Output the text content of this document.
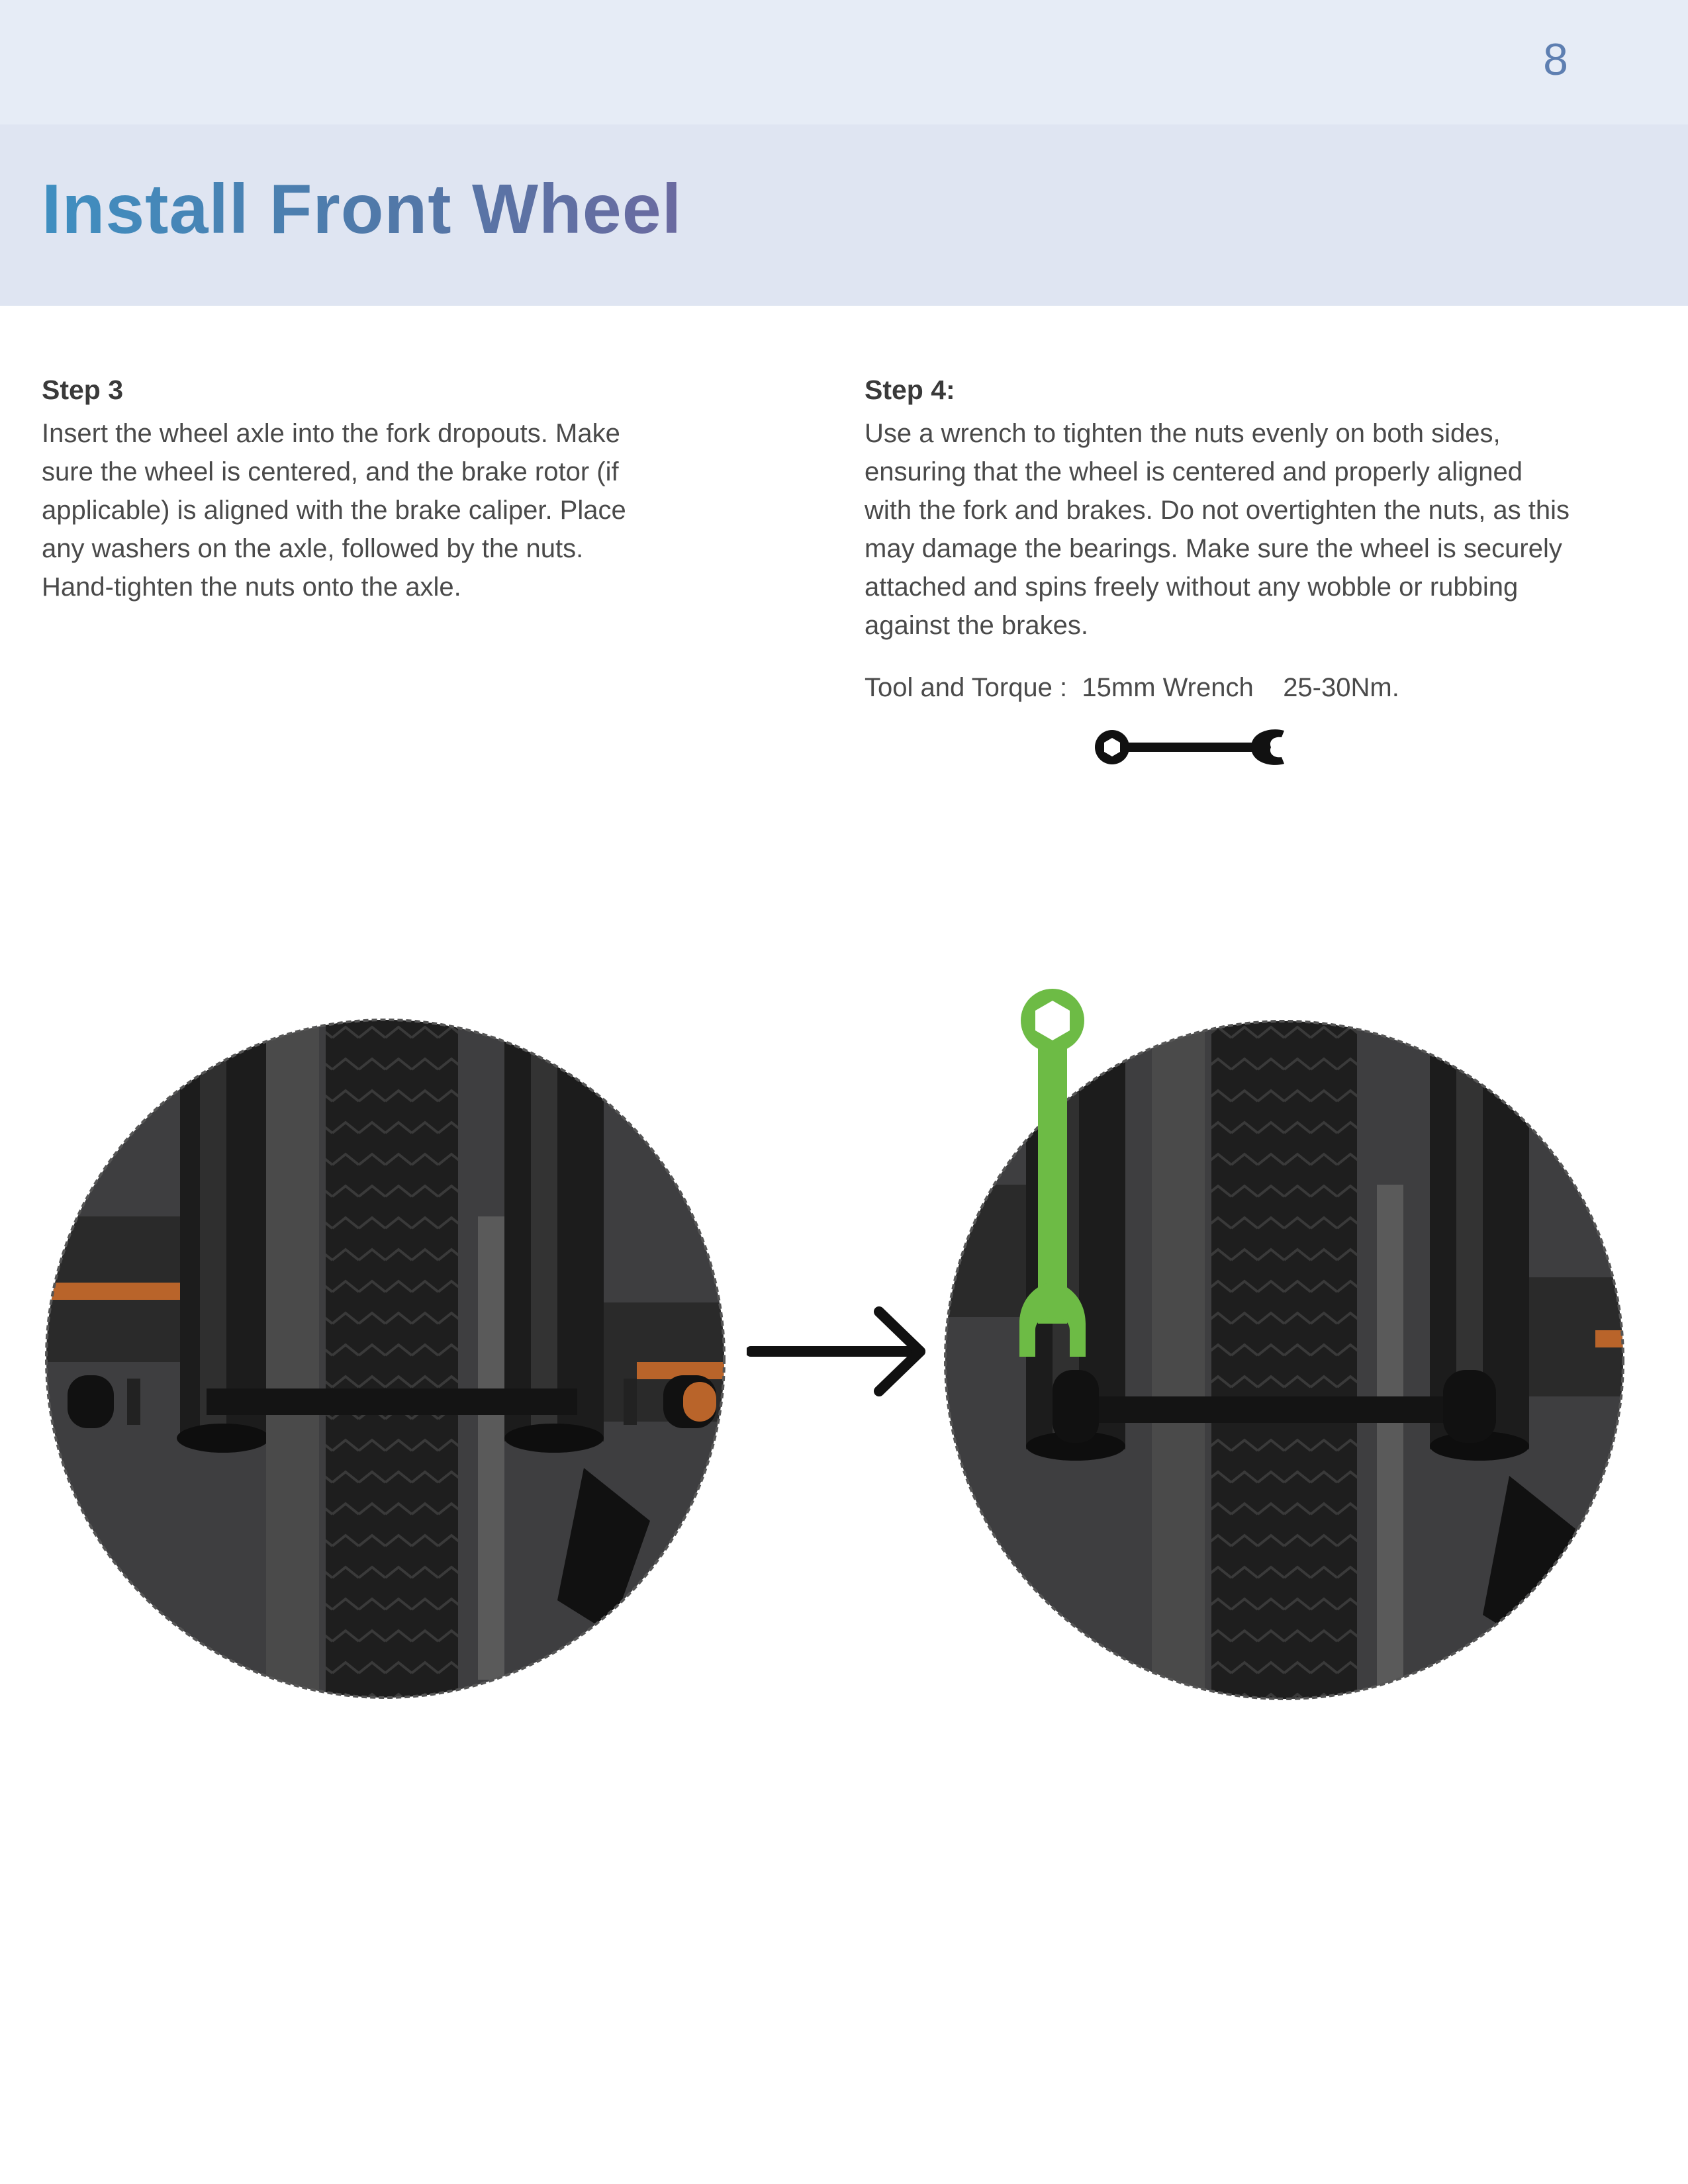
8
Install Front Wheel

Step 3

Insert the wheel axle into the fork dropouts. Make
sure the wheel is centered, and the brake rotor (if
applicable) is aligned with the brake caliper. Place
any washers on the axle, followed by the nuts.
Hand-tighten the nuts onto the axle.

Step 4:

Use a wrench to tighten the nuts evenly on both sides,
ensuring that the wheel is centered and properly aligned
with the fork and brakes. Do not overtighten the nuts, as this
may damage the bearings. Make sure the wheel is securely
attached and spins freely without any wobble or rubbing
against the brakes.

Tool and Torque : 15mm Wrench 25-30Nm.
